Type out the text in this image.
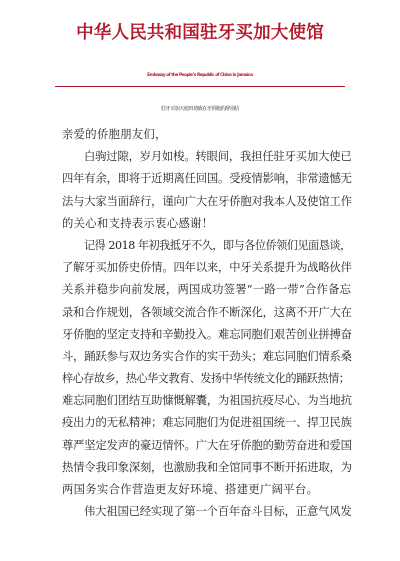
中华人民共和国驻牙买加大使馆
Embassy of the People’s Republic of China in Jamaica
驻牙买加大使田琦致在牙侨胞的辞别信
亲爱的侨胞朋友们，
白驹过隙，岁月如梭。转眼间，我担任驻牙买加大使已
四年有余，即将于近期离任回国。受疫情影响，非常遗憾无
法与大家当面辞行，谨向广大在牙侨胞对我本人及使馆工作
的关心和支持表示衷心感谢！
记得 2018 年初我抵牙不久，即与各位侨领们见面恳谈，
了解牙买加侨史侨情。四年以来，中牙关系提升为战略伙伴
关系并稳步向前发展，两国成功签署“一路一带”合作备忘
录和合作规划，各领域交流合作不断深化，这离不开广大在
牙侨胞的坚定支持和辛勤投入。难忘同胞们艰苦创业拼搏奋
斗，踊跃参与双边务实合作的实干劲头；难忘同胞们情系桑
梓心存故乡，热心华文教育、发扬中华传统文化的踊跃热情；
难忘同胞们团结互助慷慨解囊，为祖国抗疫尽心、为当地抗
疫出力的无私精神；难忘同胞们为促进祖国统一、捍卫民族
尊严坚定发声的豪迈情怀。广大在牙侨胞的勤劳奋进和爱国
热情令我印象深刻，也激励我和全馆同事不断开拓进取，为
两国务实合作营造更友好环境、搭建更广阔平台。
伟大祖国已经实现了第一个百年奋斗目标，正意气风发
